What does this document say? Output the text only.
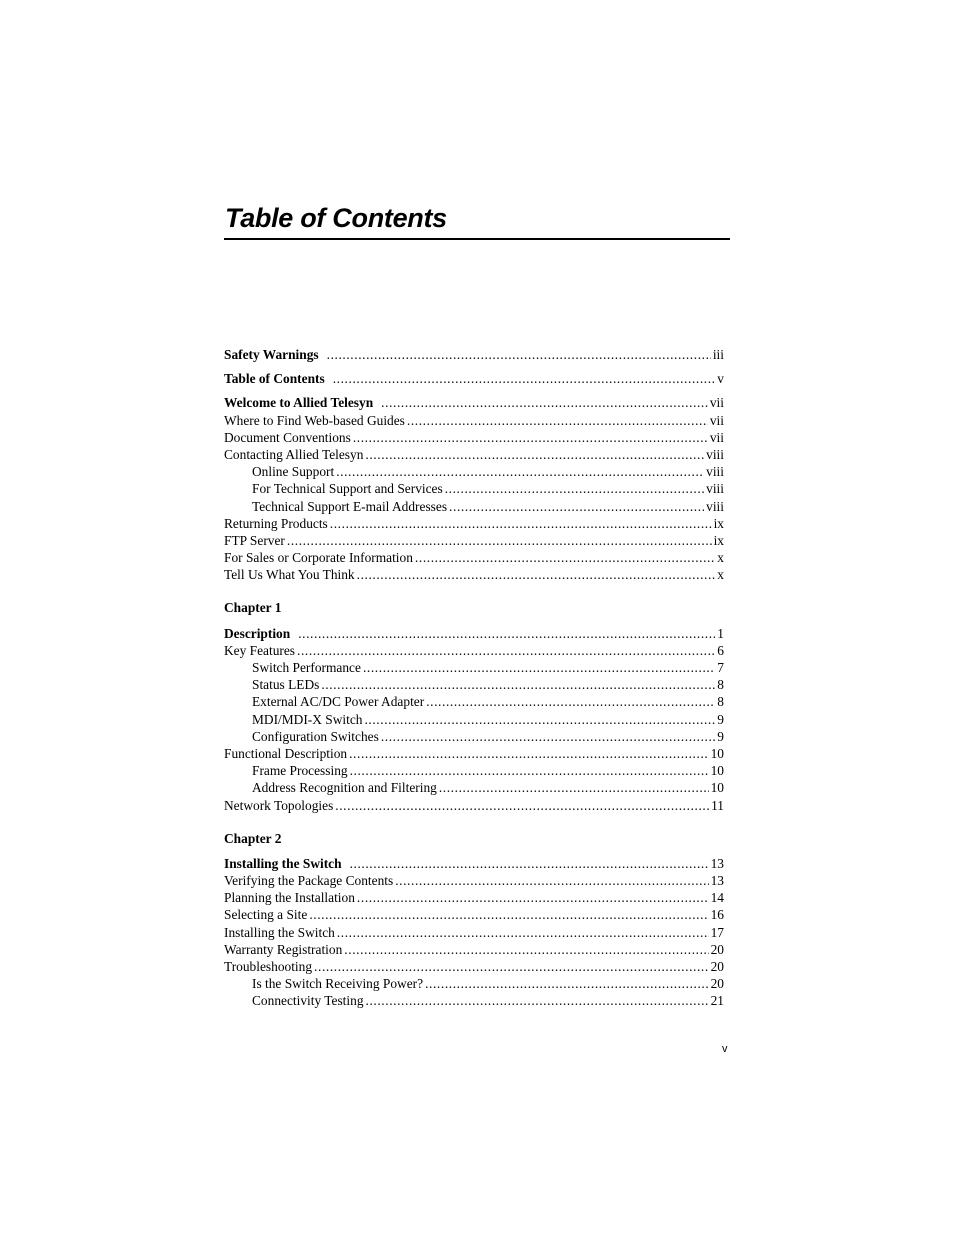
Table of Contents
Safety Warnings .....	iii
Table of Contents .....	v
Welcome to Allied Telesyn .....	vii
Where to Find Web-based Guides .....	vii
Document Conventions .....	vii
Contacting Allied Telesyn .....	viii
Online Support .....	viii
For Technical Support and Services .....	viii
Technical Support E-mail Addresses .....	viii
Returning Products .....	ix
FTP Server .....	ix
For Sales or Corporate Information .....	x
Tell Us What You Think .....	x
Chapter 1
Description .....	1
Key Features .....	6
Switch Performance .....	7
Status LEDs .....	8
External AC/DC Power Adapter .....	8
MDI/MDI-X Switch .....	9
Configuration Switches .....	9
Functional Description .....	10
Frame Processing .....	10
Address Recognition and Filtering .....	10
Network Topologies .....	11
Chapter 2
Installing the Switch .....	13
Verifying the Package Contents .....	13
Planning the Installation .....	14
Selecting a Site .....	16
Installing the Switch .....	17
Warranty Registration .....	20
Troubleshooting .....	20
Is the Switch Receiving Power? .....	20
Connectivity Testing .....	21
v
